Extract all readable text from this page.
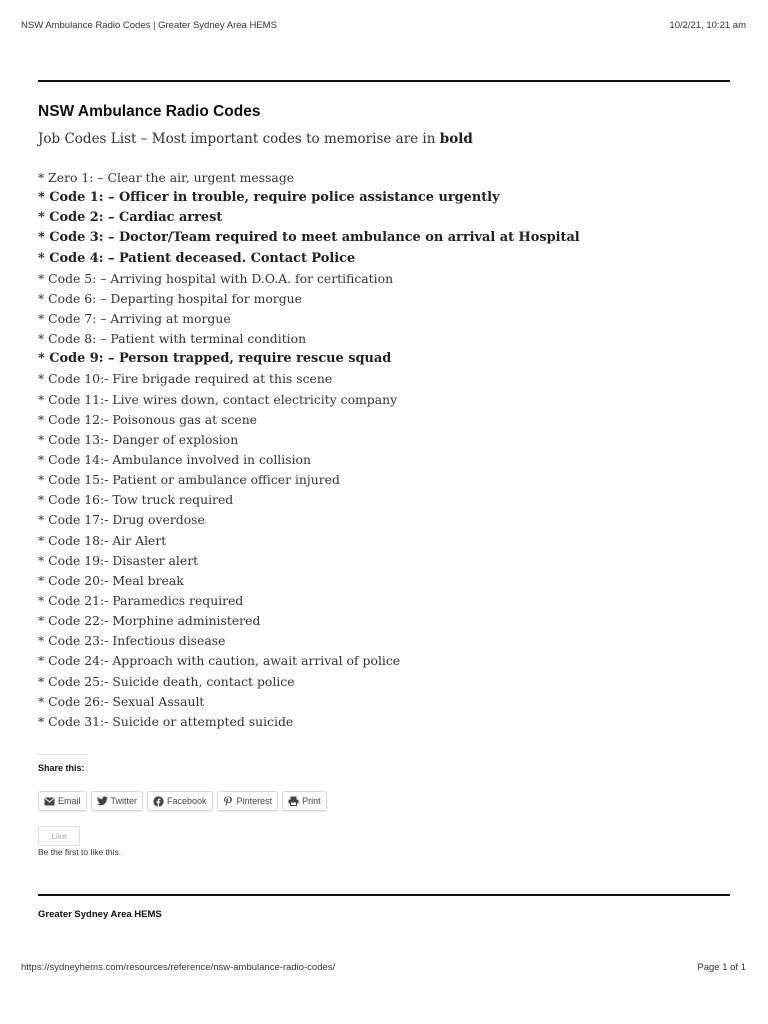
NSW Ambulance Radio Codes | Greater Sydney Area HEMS	10/2/21, 10:21 am
NSW Ambulance Radio Codes

Job Codes List – Most important codes to memorise are in bold

* Zero 1: – Clear the air, urgent message
* Code 1: – Officer in trouble, require police assistance urgently
* Code 2: – Cardiac arrest
* Code 3: – Doctor/Team required to meet ambulance on arrival at Hospital
* Code 4: – Patient deceased. Contact Police
* Code 5: – Arriving hospital with D.O.A. for certification
* Code 6: – Departing hospital for morgue
* Code 7: – Arriving at morgue
* Code 8: – Patient with terminal condition
* Code 9: – Person trapped, require rescue squad
* Code 10:- Fire brigade required at this scene
* Code 11:- Live wires down, contact electricity company
* Code 12:- Poisonous gas at scene
* Code 13:- Danger of explosion
* Code 14:- Ambulance involved in collision
* Code 15:- Patient or ambulance officer injured
* Code 16:- Tow truck required
* Code 17:- Drug overdose
* Code 18:- Air Alert
* Code 19:- Disaster alert
* Code 20:- Meal break
* Code 21:- Paramedics required
* Code 22:- Morphine administered
* Code 23:- Infectious disease
* Code 24:- Approach with caution, await arrival of police
* Code 25:- Suicide death, contact police
* Code 26:- Sexual Assault
* Code 31:- Suicide or attempted suicide
Share this:
Email	Twitter	Facebook	Pinterest	Print
Like
Be the first to like this.
Greater Sydney Area HEMS
https://sydneyhems.com/resources/reference/nsw-ambulance-radio-codes/	Page 1 of 1
